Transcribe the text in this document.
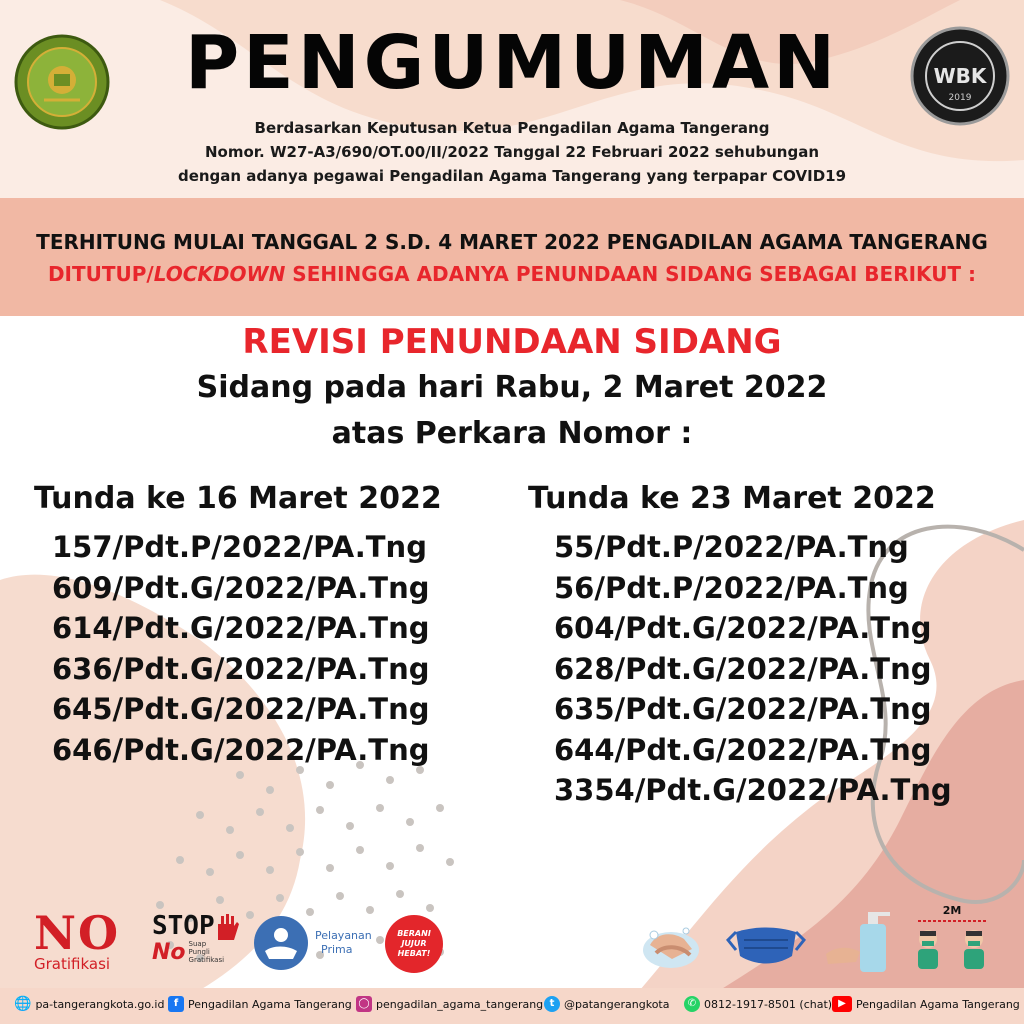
WBK
2019
PENGUMUMAN
Berdasarkan Keputusan Ketua Pengadilan Agama Tangerang
Nomor. W27-A3/690/OT.00/II/2022 Tanggal 22 Februari 2022 sehubungan
dengan adanya pegawai Pengadilan Agama Tangerang yang terpapar COVID19
TERHITUNG MULAI TANGGAL 2 S.D. 4 MARET 2022 PENGADILAN AGAMA TANGERANG
DITUTUP/LOCKDOWN SEHINGGA ADANYA PENUNDAAN SIDANG SEBAGAI BERIKUT :
REVISI PENUNDAAN SIDANG
Sidang pada hari Rabu, 2 Maret 2022
atas Perkara Nomor :
Tunda ke 16 Maret 2022
157/Pdt.P/2022/PA.Tng
609/Pdt.G/2022/PA.Tng
614/Pdt.G/2022/PA.Tng
636/Pdt.G/2022/PA.Tng
645/Pdt.G/2022/PA.Tng
646/Pdt.G/2022/PA.Tng
Tunda ke 23 Maret 2022
55/Pdt.P/2022/PA.Tng
56/Pdt.P/2022/PA.Tng
604/Pdt.G/2022/PA.Tng
628/Pdt.G/2022/PA.Tng
635/Pdt.G/2022/PA.Tng
644/Pdt.G/2022/PA.Tng
3354/Pdt.G/2022/PA.Tng
NO
Gratifikasi
STOP
No Suap Pungli Gratifikasi
Pelayanan
Prima
BERANI JUJUR HEBAT!
2M
🌐 pa-tangerangkota.go.id f Pengadilan Agama Tangerang ◯ pengadilan_agama_tangerang t @patangerangkota	✆ 0812-1917-8501 (chat) ▶ Pengadilan Agama Tangerang
